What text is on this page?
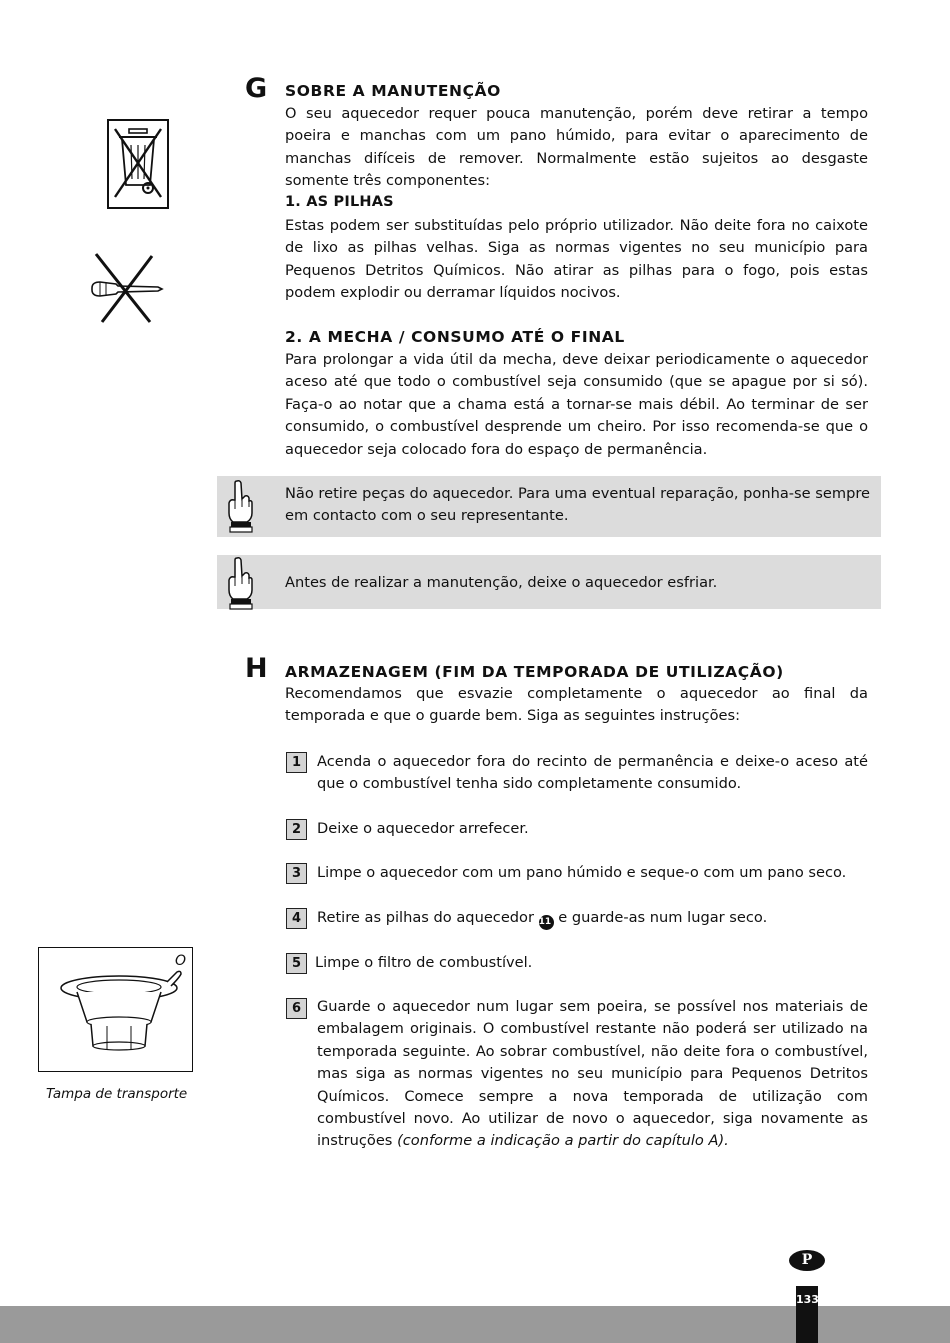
G SOBRE A MANUTENÇÃO
O seu aquecedor requer pouca manutenção, porém deve retirar a tempo poeira e manchas com um pano húmido, para evitar o aparecimento de manchas difíceis de remover. Normalmente estão sujeitos ao desgaste somente três componentes:
1. AS PILHAS
Estas podem ser substituídas pelo próprio utilizador. Não deite fora no caixote de lixo as pilhas velhas. Siga as normas vigentes no seu município para Pequenos Detritos Químicos. Não atirar as pilhas para o fogo, pois estas podem explodir ou derramar líquidos nocivos.
2. A MECHA / CONSUMO ATÉ O FINAL
Para prolongar a vida útil da mecha, deve deixar periodicamente o aquecedor aceso até que todo o combustível seja consumido (que se apague por si só). Faça-o ao notar que a chama está a tornar-se mais débil. Ao terminar de ser consumido, o combustível desprende um cheiro. Por isso recomenda-se que o aquecedor seja colocado fora do espaço de permanência.
Não retire peças do aquecedor. Para uma eventual reparação, ponha-se sempre em contacto com o seu representante.
Antes de realizar a manutenção, deixe o aquecedor esfriar.
H ARMAZENAGEM (FIM DA TEMPORADA DE UTILIZAÇÃO)
Recomendamos que esvazie completamente o aquecedor ao final da temporada e que o guarde bem. Siga as seguintes instruções:
1	Acenda o aquecedor fora do recinto de permanência e deixe-o aceso até que o combustível tenha sido completamente consumido.
2	Deixe o aquecedor arrefecer.
3	Limpe o aquecedor com um pano húmido e seque-o com um pano seco.
4	Retire as pilhas do aquecedor 11 e guarde-as num lugar seco.
5 Limpe o filtro de combustível.
6	Guarde o aquecedor num lugar sem poeira, se possível nos materiais de embalagem originais. O combustível restante não poderá ser utilizado na temporada seguinte. Ao sobrar combustível, não deite fora o combustível, mas siga as normas vigentes no seu município para Pequenos Detritos Químicos. Comece sempre a nova temporada de utilização com combustível novo. Ao utilizar de novo o aquecedor, siga novamente as instruções (conforme a indicação a partir do capítulo A).
O
Tampa de transporte
P
133
